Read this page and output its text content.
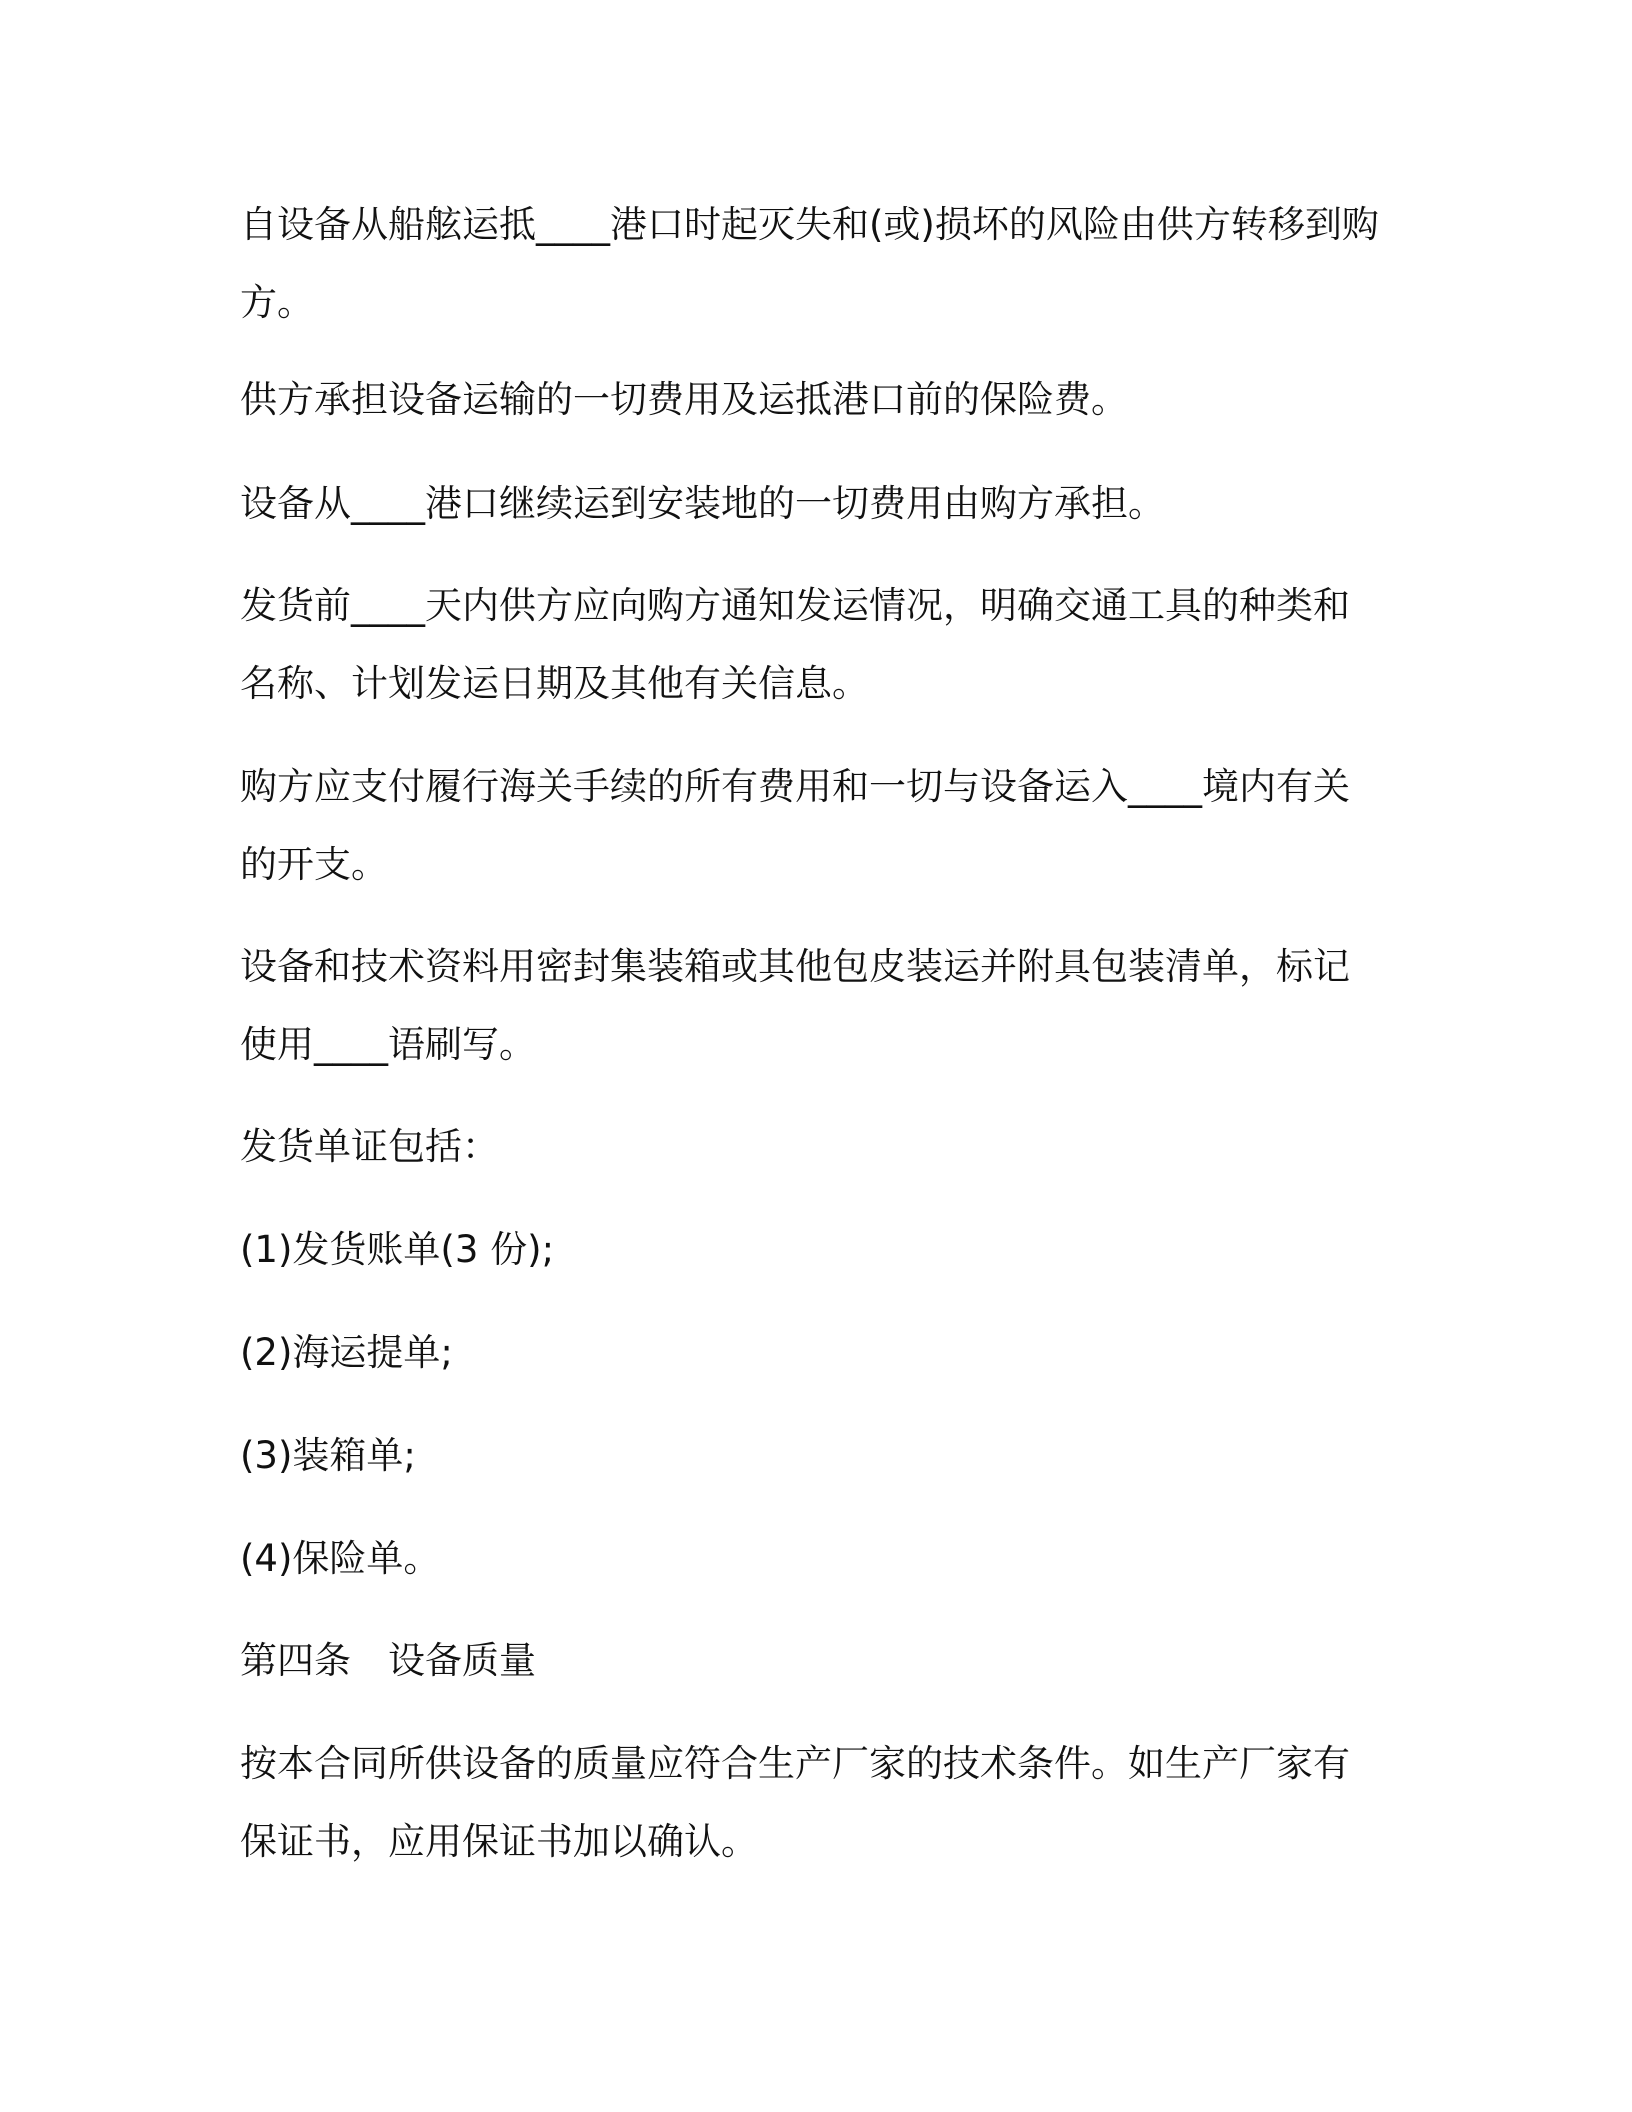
自设备从船舷运抵____港口时起灭失和(或)损坏的风险由供方转移到购方。

供方承担设备运输的一切费用及运抵港口前的保险费。

设备从____港口继续运到安装地的一切费用由购方承担。

发货前____天内供方应向购方通知发运情况，明确交通工具的种类和名称、计划发运日期及其他有关信息。

购方应支付履行海关手续的所有费用和一切与设备运入____境内有关的开支。

设备和技术资料用密封集装箱或其他包皮装运并附具包装清单，标记使用____语刷写。

发货单证包括：

(1)发货账单(3 份);

(2)海运提单;

(3)装箱单;

(4)保险单。

第四条　设备质量

按本合同所供设备的质量应符合生产厂家的技术条件。如生产厂家有保证书，应用保证书加以确认。
